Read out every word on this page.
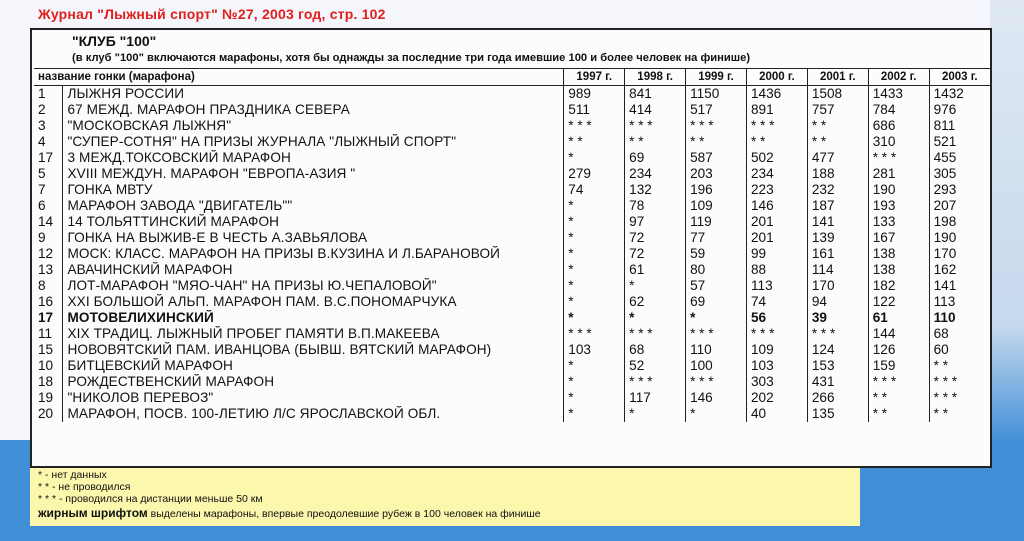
Журнал "Лыжный спорт" №27, 2003 год, стр. 102
"КЛУБ "100"
(в клуб "100" включаются марафоны, хотя бы однажды за последние три года имевшие 100 и более человек на финише)
название гонки (марафона)		1997 г.	1998 г.	1999 г.	2000 г.	2001 г.	2002 г.	2003 г.
1	ЛЫЖНЯ РОССИИ	989	841	1150	1436	1508	1433	1432
2	67 МЕЖД. МАРАФОН ПРАЗДНИКА СЕВЕРА	511	414	517	891	757	784	976
3	"МОСКОВСКАЯ ЛЫЖНЯ"	* * *	* * *	* * *	* * *	* *	686	811
4	"СУПЕР-СОТНЯ" НА ПРИЗЫ ЖУРНАЛА "ЛЫЖНЫЙ СПОРТ"	* *	* *	* *	* *	* *	310	521
17	3 МЕЖД.ТОКСОВСКИЙ МАРАФОН	*	69	587	502	477	* * *	455
5	XVIII МЕЖДУН. МАРАФОН "ЕВРОПА-АЗИЯ "	279	234	203	234	188	281	305
7	ГОНКА МВТУ	74	132	196	223	232	190	293
6	МАРАФОН ЗАВОДА "ДВИГАТЕЛЬ""	*	78	109	146	187	193	207
14	14 ТОЛЬЯТТИНСКИЙ МАРАФОН	*	97	119	201	141	133	198
9	ГОНКА НА ВЫЖИВ-Е В ЧЕСТЬ А.ЗАВЬЯЛОВА	*	72	77	201	139	167	190
12	МОСК: КЛАСС. МАРАФОН НА ПРИЗЫ В.КУЗИНА И Л.БАРАНОВОЙ	*	72	59	99	161	138	170
13	АВАЧИНСКИЙ МАРАФОН	*	61	80	88	114	138	162
8	ЛОТ-МАРАФОН "МЯО-ЧАН" НА ПРИЗЫ Ю.ЧЕПАЛОВОЙ"	*	*	57	113	170	182	141
16	XXI БОЛЬШОЙ АЛЬП. МАРАФОН ПАМ. В.С.ПОНОМАРЧУКА	*	62	69	74	94	122	113
17	МОТОВЕЛИХИНСКИЙ	*	*	*	56	39	61	110
11	XIX ТРАДИЦ. ЛЫЖНЫЙ ПРОБЕГ ПАМЯТИ В.П.МАКЕЕВА	* * *	* * *	* * *	* * *	* * *	144	68
15	НОВОВЯТСКИЙ ПАМ. ИВАНЦОВА (БЫВШ. ВЯТСКИЙ МАРАФОН)	103	68	110	109	124	126	60
10	БИТЦЕВСКИЙ МАРАФОН	*	52	100	103	153	159	* *
18	РОЖДЕСТВЕНСКИЙ МАРАФОН	*	* * *	* * *	303	431	* * *	* * *
19	"НИКОЛОВ ПЕРЕВОЗ"	*	117	146	202	266	* *	* * *
20	МАРАФОН, ПОСВ. 100-ЛЕТИЮ Л/С ЯРОСЛАВСКОЙ ОБЛ.	*	*	*	40	135	* *	* *
* - нет данных
* * - не проводился
* * * - проводился на дистанции меньше 50 км
жирным шрифтом выделены марафоны, впервые преодолевшие рубеж в 100 человек на финише
